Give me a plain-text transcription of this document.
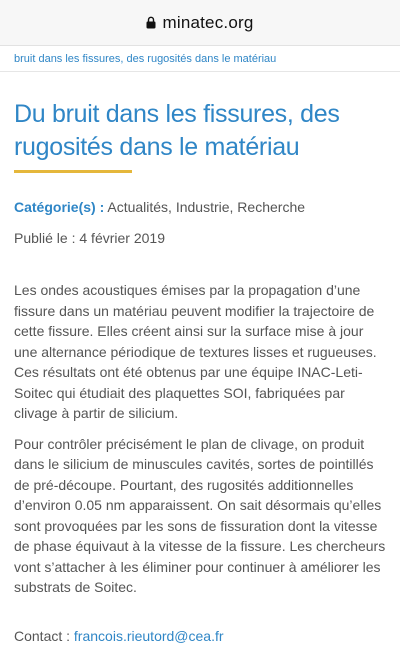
minatec.org
bruit dans les fissures, des rugosités dans le matériau
Du bruit dans les fissures, des rugosités dans le matériau
Catégorie(s) : Actualités, Industrie, Recherche
Publié le : 4 février 2019

Les ondes acoustiques émises par la propagation d’une fissure dans un matériau peuvent modifier la trajectoire de cette fissure. Elles créent ainsi sur la surface mise à jour une alternance périodique de textures lisses et rugueuses. Ces résultats ont été obtenus par une équipe INAC-Leti-Soitec qui étudiait des plaquettes SOI, fabriquées par clivage à partir de silicium.

Pour contrôler précisément le plan de clivage, on produit dans le silicium de minuscules cavités, sortes de pointillés de pré-découpe. Pourtant, des rugosités additionnelles d’environ 0.05 nm apparaissent. On sait désormais qu’elles sont provoquées par les sons de fissuration dont la vitesse de phase équivaut à la vitesse de la fissure. Les chercheurs vont s’attacher à les éliminer pour continuer à améliorer les substrats de Soitec.

Contact : francois.rieutord@cea.fr
